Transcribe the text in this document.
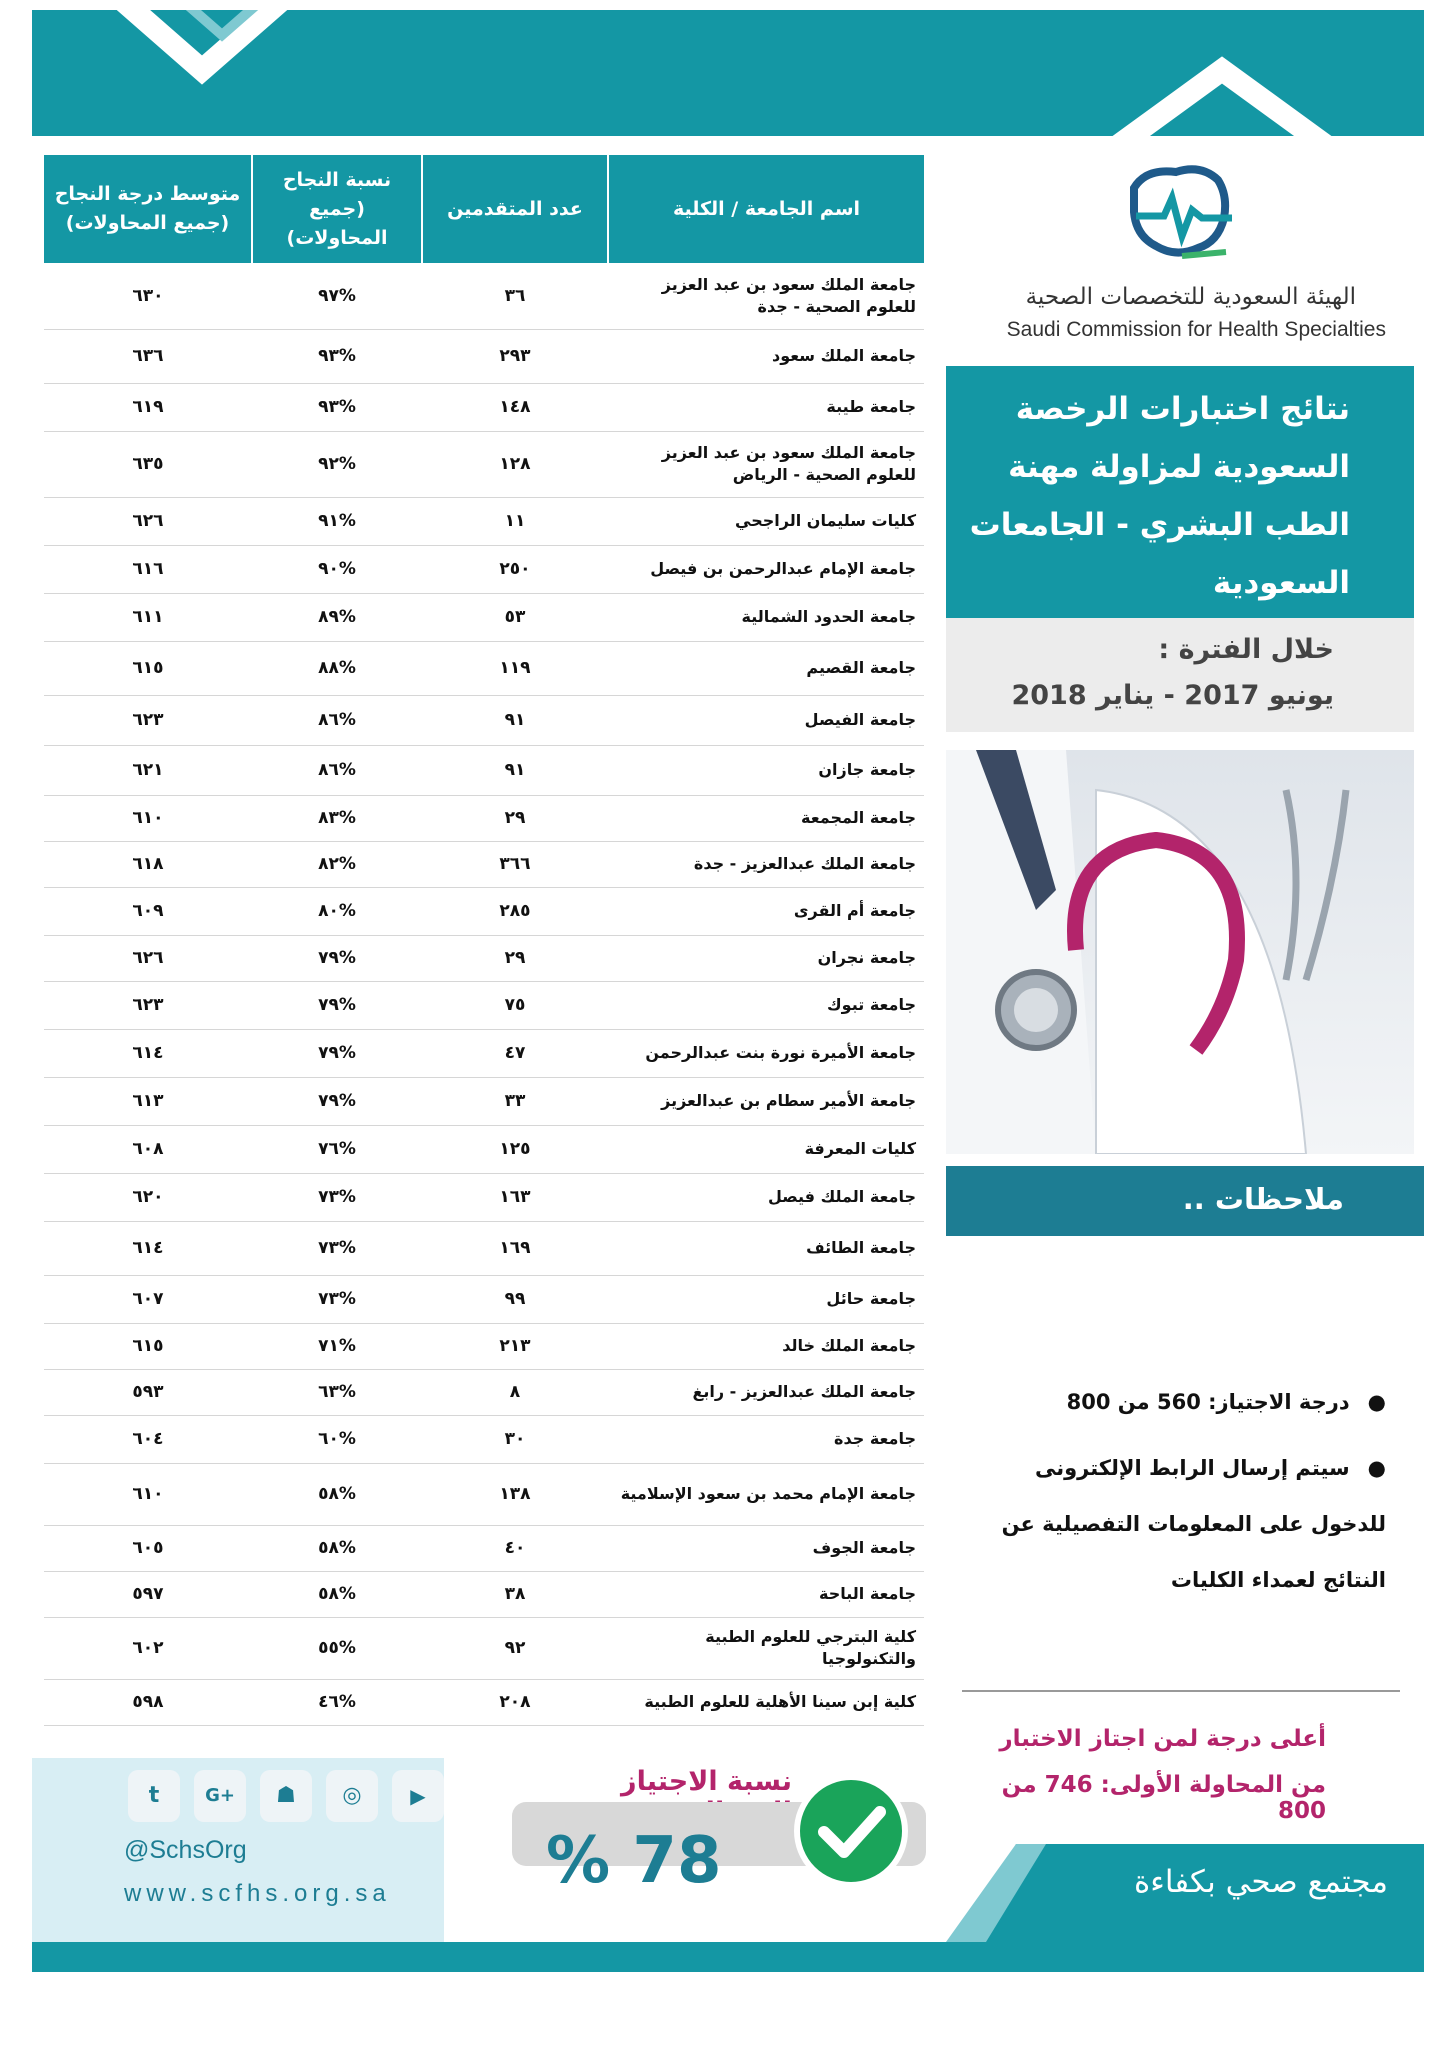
اسم الجامعة / الكلية	عدد المتقدمين	نسبة النجاح (جميع المحاولات)	متوسط درجة النجاح (جميع المحاولات)
جامعة الملك سعود بن عبد العزيز للعلوم الصحية - جدة	٣٦	%٩٧	٦٣٠
جامعة الملك سعود	٢٩٣	%٩٣	٦٣٦
جامعة طيبة	١٤٨	%٩٣	٦١٩
جامعة الملك سعود بن عبد العزيز للعلوم الصحية - الرياض	١٢٨	%٩٢	٦٣٥
كليات سليمان الراجحي	١١	%٩١	٦٢٦
جامعة الإمام عبدالرحمن بن فيصل	٢٥٠	%٩٠	٦١٦
جامعة الحدود الشمالية	٥٣	%٨٩	٦١١
جامعة القصيم	١١٩	%٨٨	٦١٥
جامعة الفيصل	٩١	%٨٦	٦٢٣
جامعة جازان	٩١	%٨٦	٦٢١
جامعة المجمعة	٢٩	%٨٣	٦١٠
جامعة الملك عبدالعزيز - جدة	٣٦٦	%٨٢	٦١٨
جامعة أم القرى	٢٨٥	%٨٠	٦٠٩
جامعة نجران	٢٩	%٧٩	٦٢٦
جامعة تبوك	٧٥	%٧٩	٦٢٣
جامعة الأميرة نورة بنت عبدالرحمن	٤٧	%٧٩	٦١٤
جامعة الأمير سطام بن عبدالعزيز	٣٣	%٧٩	٦١٣
كليات المعرفة	١٢٥	%٧٦	٦٠٨
جامعة الملك فيصل	١٦٣	%٧٣	٦٢٠
جامعة الطائف	١٦٩	%٧٣	٦١٤
جامعة حائل	٩٩	%٧٣	٦٠٧
جامعة الملك خالد	٢١٣	%٧١	٦١٥
جامعة الملك عبدالعزيز - رابغ	٨	%٦٣	٥٩٣
جامعة جدة	٣٠	%٦٠	٦٠٤
جامعة الإمام محمد بن سعود الإسلامية	١٣٨	%٥٨	٦١٠
جامعة الجوف	٤٠	%٥٨	٦٠٥
جامعة الباحة	٣٨	%٥٨	٥٩٧
كلية البترجي للعلوم الطبية والتكنولوجيا	٩٢	%٥٥	٦٠٢
كلية إبن سينا الأهلية للعلوم الطبية	٢٠٨	%٤٦	٥٩٨
الهيئة السعودية للتخصصات الصحية
Saudi Commission for Health Specialties
نتائج اختبارات الرخصة
السعودية لمزاولة مهنة
الطب البشري - الجامعات
السعودية
خلال الفترة :
يونيو 2017 - يناير 2018
ملاحظات ..
●
درجة الاجتياز: 560 من 800
●
سيتم إرسال الرابط الإلكترونى للدخول على المعلومات التفصيلية عن النتائج لعمداء الكليات
أعلى درجة لمن اجتاز الاختبار
من المحاولة الأولى: 746 من 800
مجتمع صحي بكفاءة
t	G+	☗	◎	▶
@SchsOrg
www.scfhs.org.sa
نسبة الاجتياز
% 78
